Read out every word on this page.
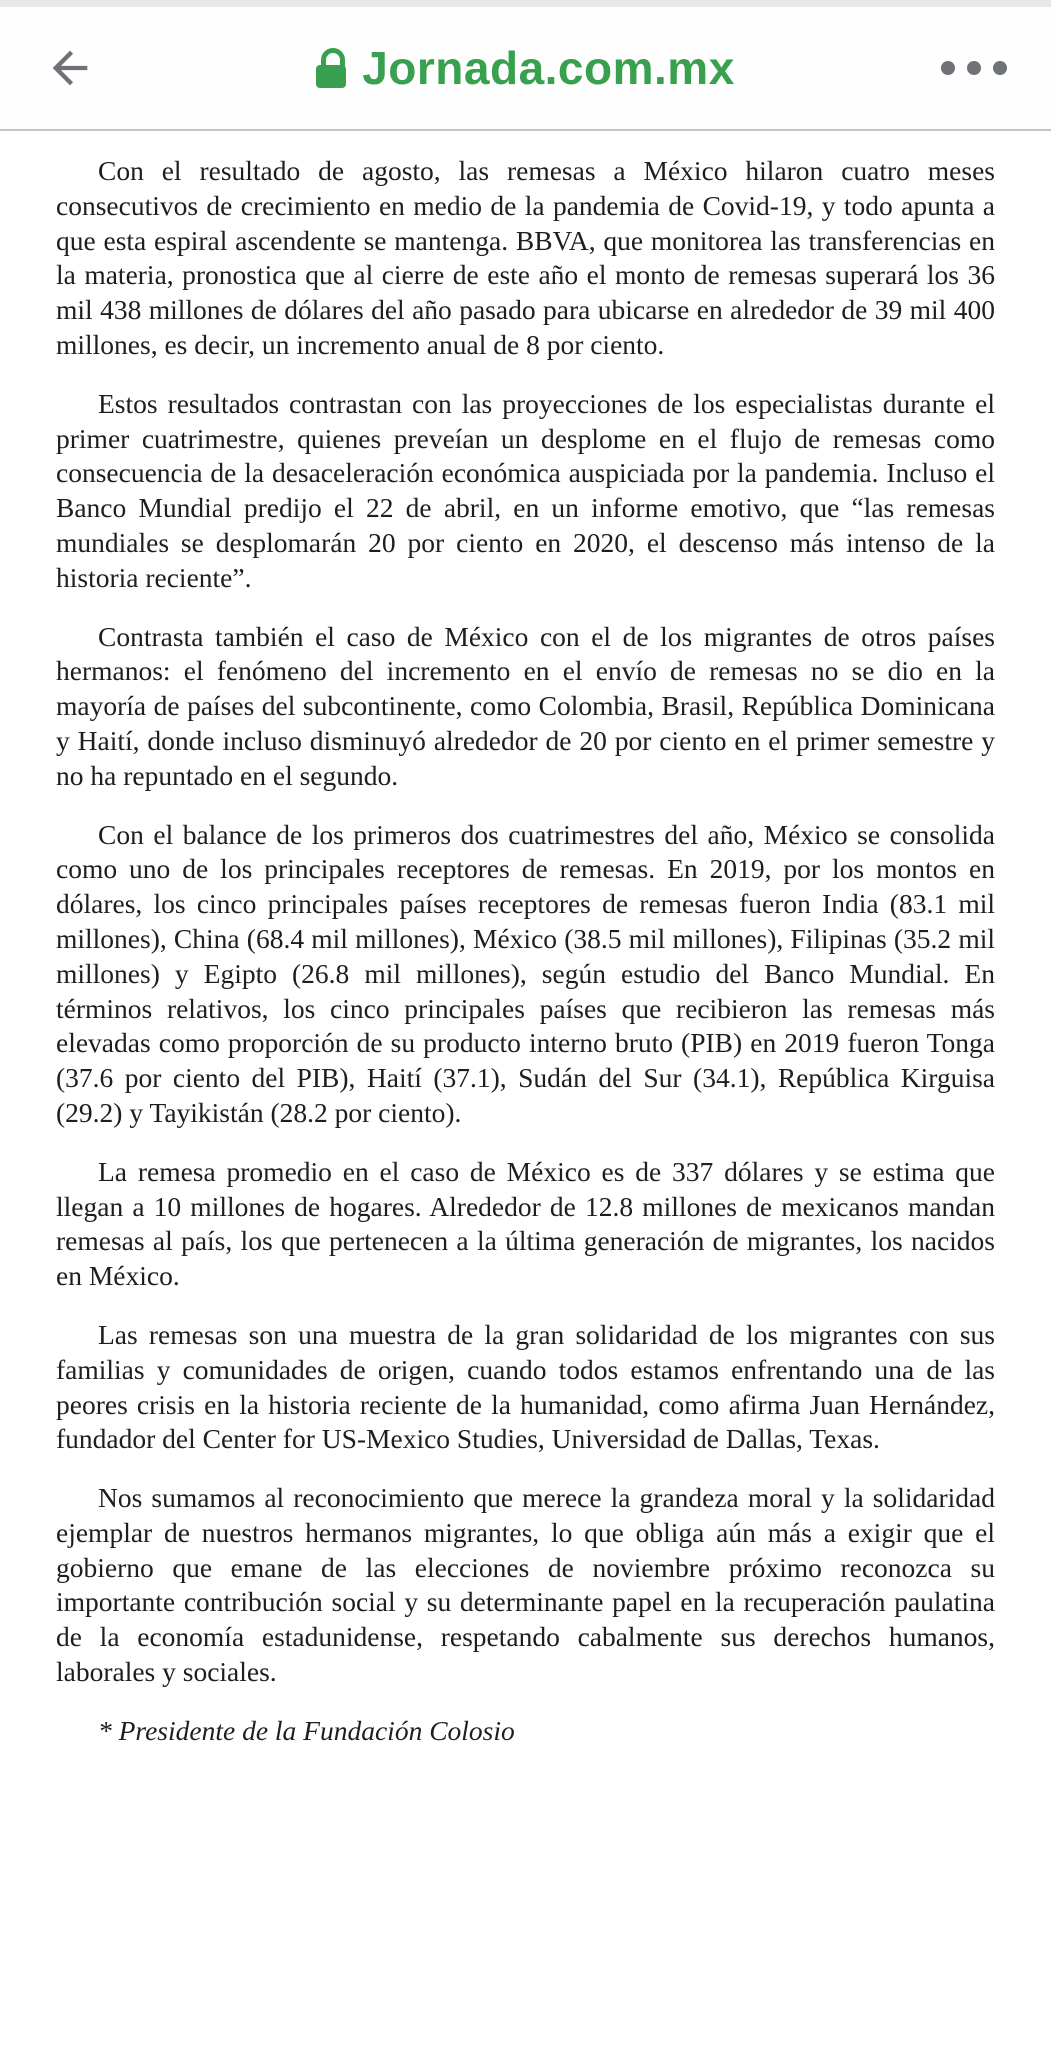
Jornada.com.mx

Con el resultado de agosto, las remesas a México hilaron cuatro meses consecutivos de crecimiento en medio de la pandemia de Covid-19, y todo apunta a que esta espiral ascendente se mantenga. BBVA, que monitorea las transferencias en la materia, pronostica que al cierre de este año el monto de remesas superará los 36 mil 438 millones de dólares del año pasado para ubicarse en alrededor de 39 mil 400 millones, es decir, un incremento anual de 8 por ciento.

Estos resultados contrastan con las proyecciones de los especialistas durante el primer cuatrimestre, quienes preveían un desplome en el flujo de remesas como consecuencia de la desaceleración económica auspiciada por la pandemia. Incluso el Banco Mundial predijo el 22 de abril, en un informe emotivo, que “las remesas mundiales se desplomarán 20 por ciento en 2020, el descenso más intenso de la historia reciente”.

Contrasta también el caso de México con el de los migrantes de otros países hermanos: el fenómeno del incremento en el envío de remesas no se dio en la mayoría de países del subcontinente, como Colombia, Brasil, República Dominicana y Haití, donde incluso disminuyó alrededor de 20 por ciento en el primer semestre y no ha repuntado en el segundo.

Con el balance de los primeros dos cuatrimestres del año, México se consolida como uno de los principales receptores de remesas. En 2019, por los montos en dólares, los cinco principales países receptores de remesas fueron India (83.1 mil millones), China (68.4 mil millones), México (38.5 mil millones), Filipinas (35.2 mil millones) y Egipto (26.8 mil millones), según estudio del Banco Mundial. En términos relativos, los cinco principales países que recibieron las remesas más elevadas como proporción de su producto interno bruto (PIB) en 2019 fueron Tonga (37.6 por ciento del PIB), Haití (37.1), Sudán del Sur (34.1), República Kirguisa (29.2) y Tayikistán (28.2 por ciento).

La remesa promedio en el caso de México es de 337 dólares y se estima que llegan a 10 millones de hogares. Alrededor de 12.8 millones de mexicanos mandan remesas al país, los que pertenecen a la última generación de migrantes, los nacidos en México.

Las remesas son una muestra de la gran solidaridad de los migrantes con sus familias y comunidades de origen, cuando todos estamos enfrentando una de las peores crisis en la historia reciente de la humanidad, como afirma Juan Hernández, fundador del Center for US-Mexico Studies, Universidad de Dallas, Texas.

Nos sumamos al reconocimiento que merece la grandeza moral y la solidaridad ejemplar de nuestros hermanos migrantes, lo que obliga aún más a exigir que el gobierno que emane de las elecciones de noviembre próximo reconozca su importante contribución social y su determinante papel en la recuperación paulatina de la economía estadunidense, respetando cabalmente sus derechos humanos, laborales y sociales.

* Presidente de la Fundación Colosio
